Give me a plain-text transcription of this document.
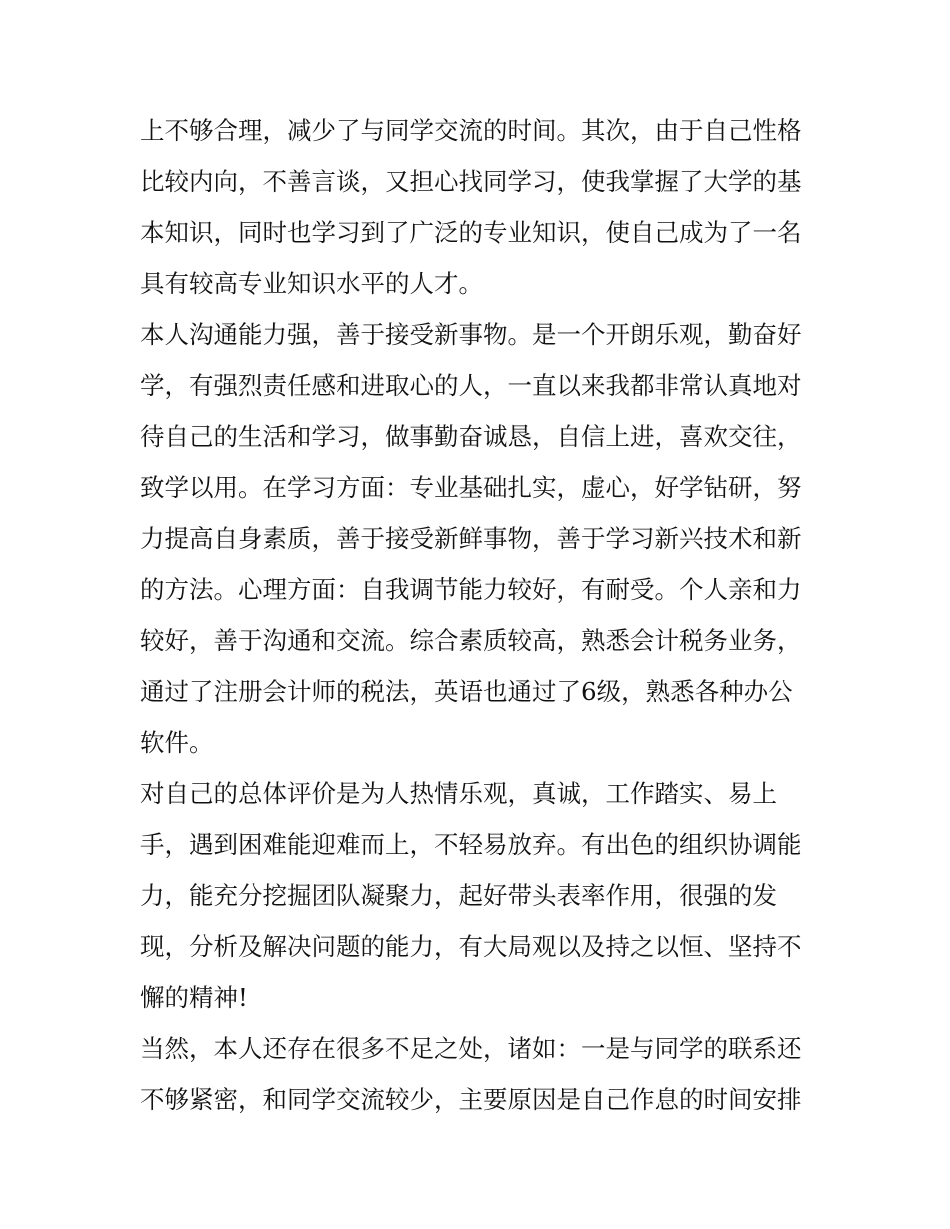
上不够合理，减少了与同学交流的时间。其次，由于自己性格
比较内向，不善言谈，又担心找同学习，使我掌握了大学的基
本知识，同时也学习到了广泛的专业知识，使自己成为了一名
具有较高专业知识水平的人才。
本人沟通能力强，善于接受新事物。是一个开朗乐观，勤奋好
学，有强烈责任感和进取心的人，一直以来我都非常认真地对
待自己的生活和学习，做事勤奋诚恳，自信上进，喜欢交往，
致学以用。在学习方面：专业基础扎实，虚心，好学钻研，努
力提高自身素质，善于接受新鲜事物，善于学习新兴技术和新
的方法。心理方面：自我调节能力较好，有耐受。个人亲和力
较好，善于沟通和交流。综合素质较高，熟悉会计税务业务，
通过了注册会计师的税法，英语也通过了6级，熟悉各种办公
软件。
对自己的总体评价是为人热情乐观，真诚，工作踏实、易上
手，遇到困难能迎难而上，不轻易放弃。有出色的组织协调能
力，能充分挖掘团队凝聚力，起好带头表率作用，很强的发
现，分析及解决问题的能力，有大局观以及持之以恒、坚持不
懈的精神!
当然，本人还存在很多不足之处，诸如：一是与同学的联系还
不够紧密，和同学交流较少，主要原因是自己作息的时间安排
